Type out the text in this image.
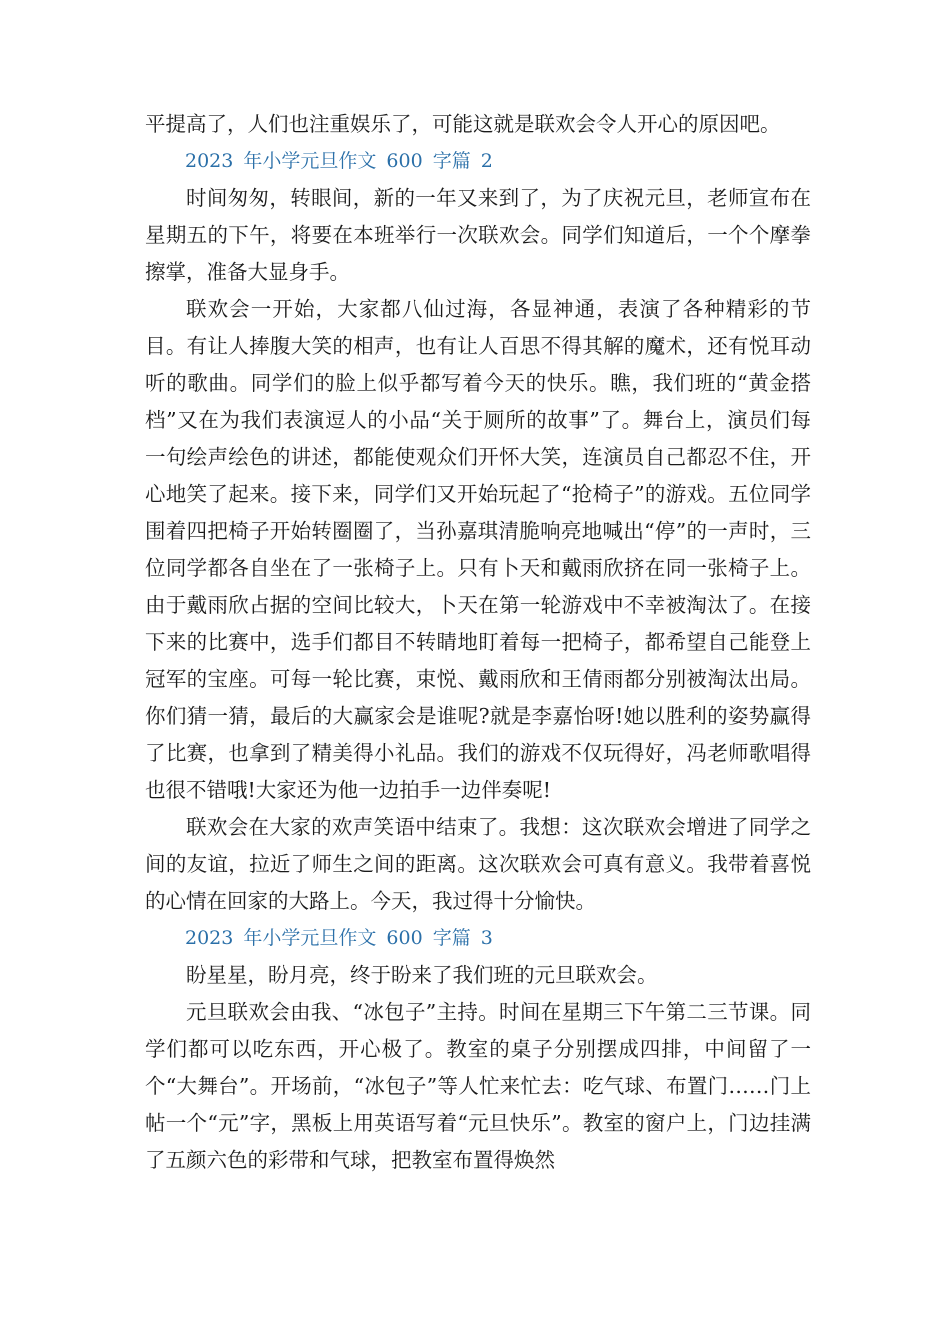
平提高了，人们也注重娱乐了，可能这就是联欢会令人开心的原因吧。

2023 年小学元旦作文 600 字篇 2

时间匆匆，转眼间，新的一年又来到了，为了庆祝元旦，老师宣布在星期五的下午，将要在本班举行一次联欢会。同学们知道后，一个个摩拳擦掌，准备大显身手。

联欢会一开始，大家都八仙过海，各显神通，表演了各种精彩的节目。有让人捧腹大笑的相声，也有让人百思不得其解的魔术，还有悦耳动听的歌曲。同学们的脸上似乎都写着今天的快乐。瞧，我们班的“黄金搭档”又在为我们表演逗人的小品“关于厕所的故事”了。舞台上，演员们每一句绘声绘色的讲述，都能使观众们开怀大笑，连演员自己都忍不住，开心地笑了起来。接下来，同学们又开始玩起了“抢椅子”的游戏。五位同学围着四把椅子开始转圈圈了，当孙嘉琪清脆响亮地喊出“停”的一声时，三位同学都各自坐在了一张椅子上。只有卜天和戴雨欣挤在同一张椅子上。由于戴雨欣占据的空间比较大，卜天在第一轮游戏中不幸被淘汰了。在接下来的比赛中，选手们都目不转睛地盯着每一把椅子，都希望自己能登上冠军的宝座。可每一轮比赛，束悦、戴雨欣和王倩雨都分别被淘汰出局。你们猜一猜，最后的大赢家会是谁呢?就是李嘉怡呀!她以胜利的姿势赢得了比赛，也拿到了精美得小礼品。我们的游戏不仅玩得好，冯老师歌唱得也很不错哦!大家还为他一边拍手一边伴奏呢!

联欢会在大家的欢声笑语中结束了。我想：这次联欢会增进了同学之间的友谊，拉近了师生之间的距离。这次联欢会可真有意义。我带着喜悦的心情在回家的大路上。今天，我过得十分愉快。

2023 年小学元旦作文 600 字篇 3

盼星星，盼月亮，终于盼来了我们班的元旦联欢会。

元旦联欢会由我、“冰包子”主持。时间在星期三下午第二三节课。同学们都可以吃东西，开心极了。教室的桌子分别摆成四排，中间留了一个“大舞台”。开场前，“冰包子”等人忙来忙去：吃气球、布置门……门上帖一个“元”字，黑板上用英语写着“元旦快乐”。教室的窗户上，门边挂满了五颜六色的彩带和气球，把教室布置得焕然
